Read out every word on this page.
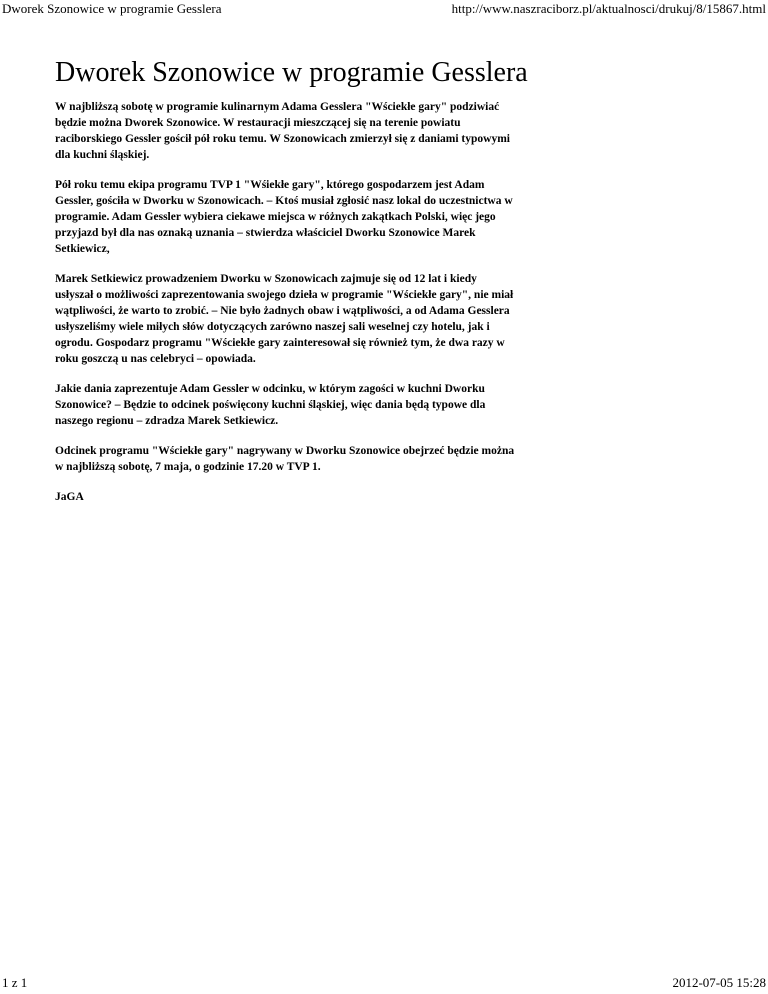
Dworek Szonowice w programie Gesslera	http://www.naszraciborz.pl/aktualnosci/drukuj/8/15867.html
Dworek Szonowice w programie Gesslera

W najbliższą sobotę w programie kulinarnym Adama Gesslera "Wściekłe gary" podziwiać będzie można Dworek Szonowice. W restauracji mieszczącej się na terenie powiatu raciborskiego Gessler gościł pół roku temu. W Szonowicach zmierzył się z daniami typowymi dla kuchni śląskiej.

Pół roku temu ekipa programu TVP 1 "Wśiekłe gary", którego gospodarzem jest Adam Gessler, gościła w Dworku w Szonowicach. – Ktoś musiał zgłosić nasz lokal do uczestnictwa w programie. Adam Gessler wybiera ciekawe miejsca w różnych zakątkach Polski, więc jego przyjazd był dla nas oznaką uznania – stwierdza właściciel Dworku Szonowice Marek Setkiewicz,

Marek Setkiewicz prowadzeniem Dworku w Szonowicach zajmuje się od 12 lat i kiedy usłyszał o możliwości zaprezentowania swojego dzieła w programie "Wściekłe gary", nie miał wątpliwości, że warto to zrobić. – Nie było żadnych obaw i wątpliwości, a od Adama Gesslera usłyszeliśmy wiele miłych słów dotyczących zarówno naszej sali weselnej czy hotelu, jak i ogrodu. Gospodarz programu "Wściekłe gary zainteresował się również tym, że dwa razy w roku goszczą u nas celebryci – opowiada.

Jakie dania zaprezentuje Adam Gessler w odcinku, w którym zagości w kuchni Dworku Szonowice? – Będzie to odcinek poświęcony kuchni śląskiej, więc dania będą typowe dla naszego regionu – zdradza Marek Setkiewicz.

Odcinek programu "Wściekłe gary" nagrywany w Dworku Szonowice obejrzeć będzie można w najbliższą sobotę, 7 maja, o godzinie 17.20 w TVP 1.

JaGA

1 z 1	2012-07-05 15:28
